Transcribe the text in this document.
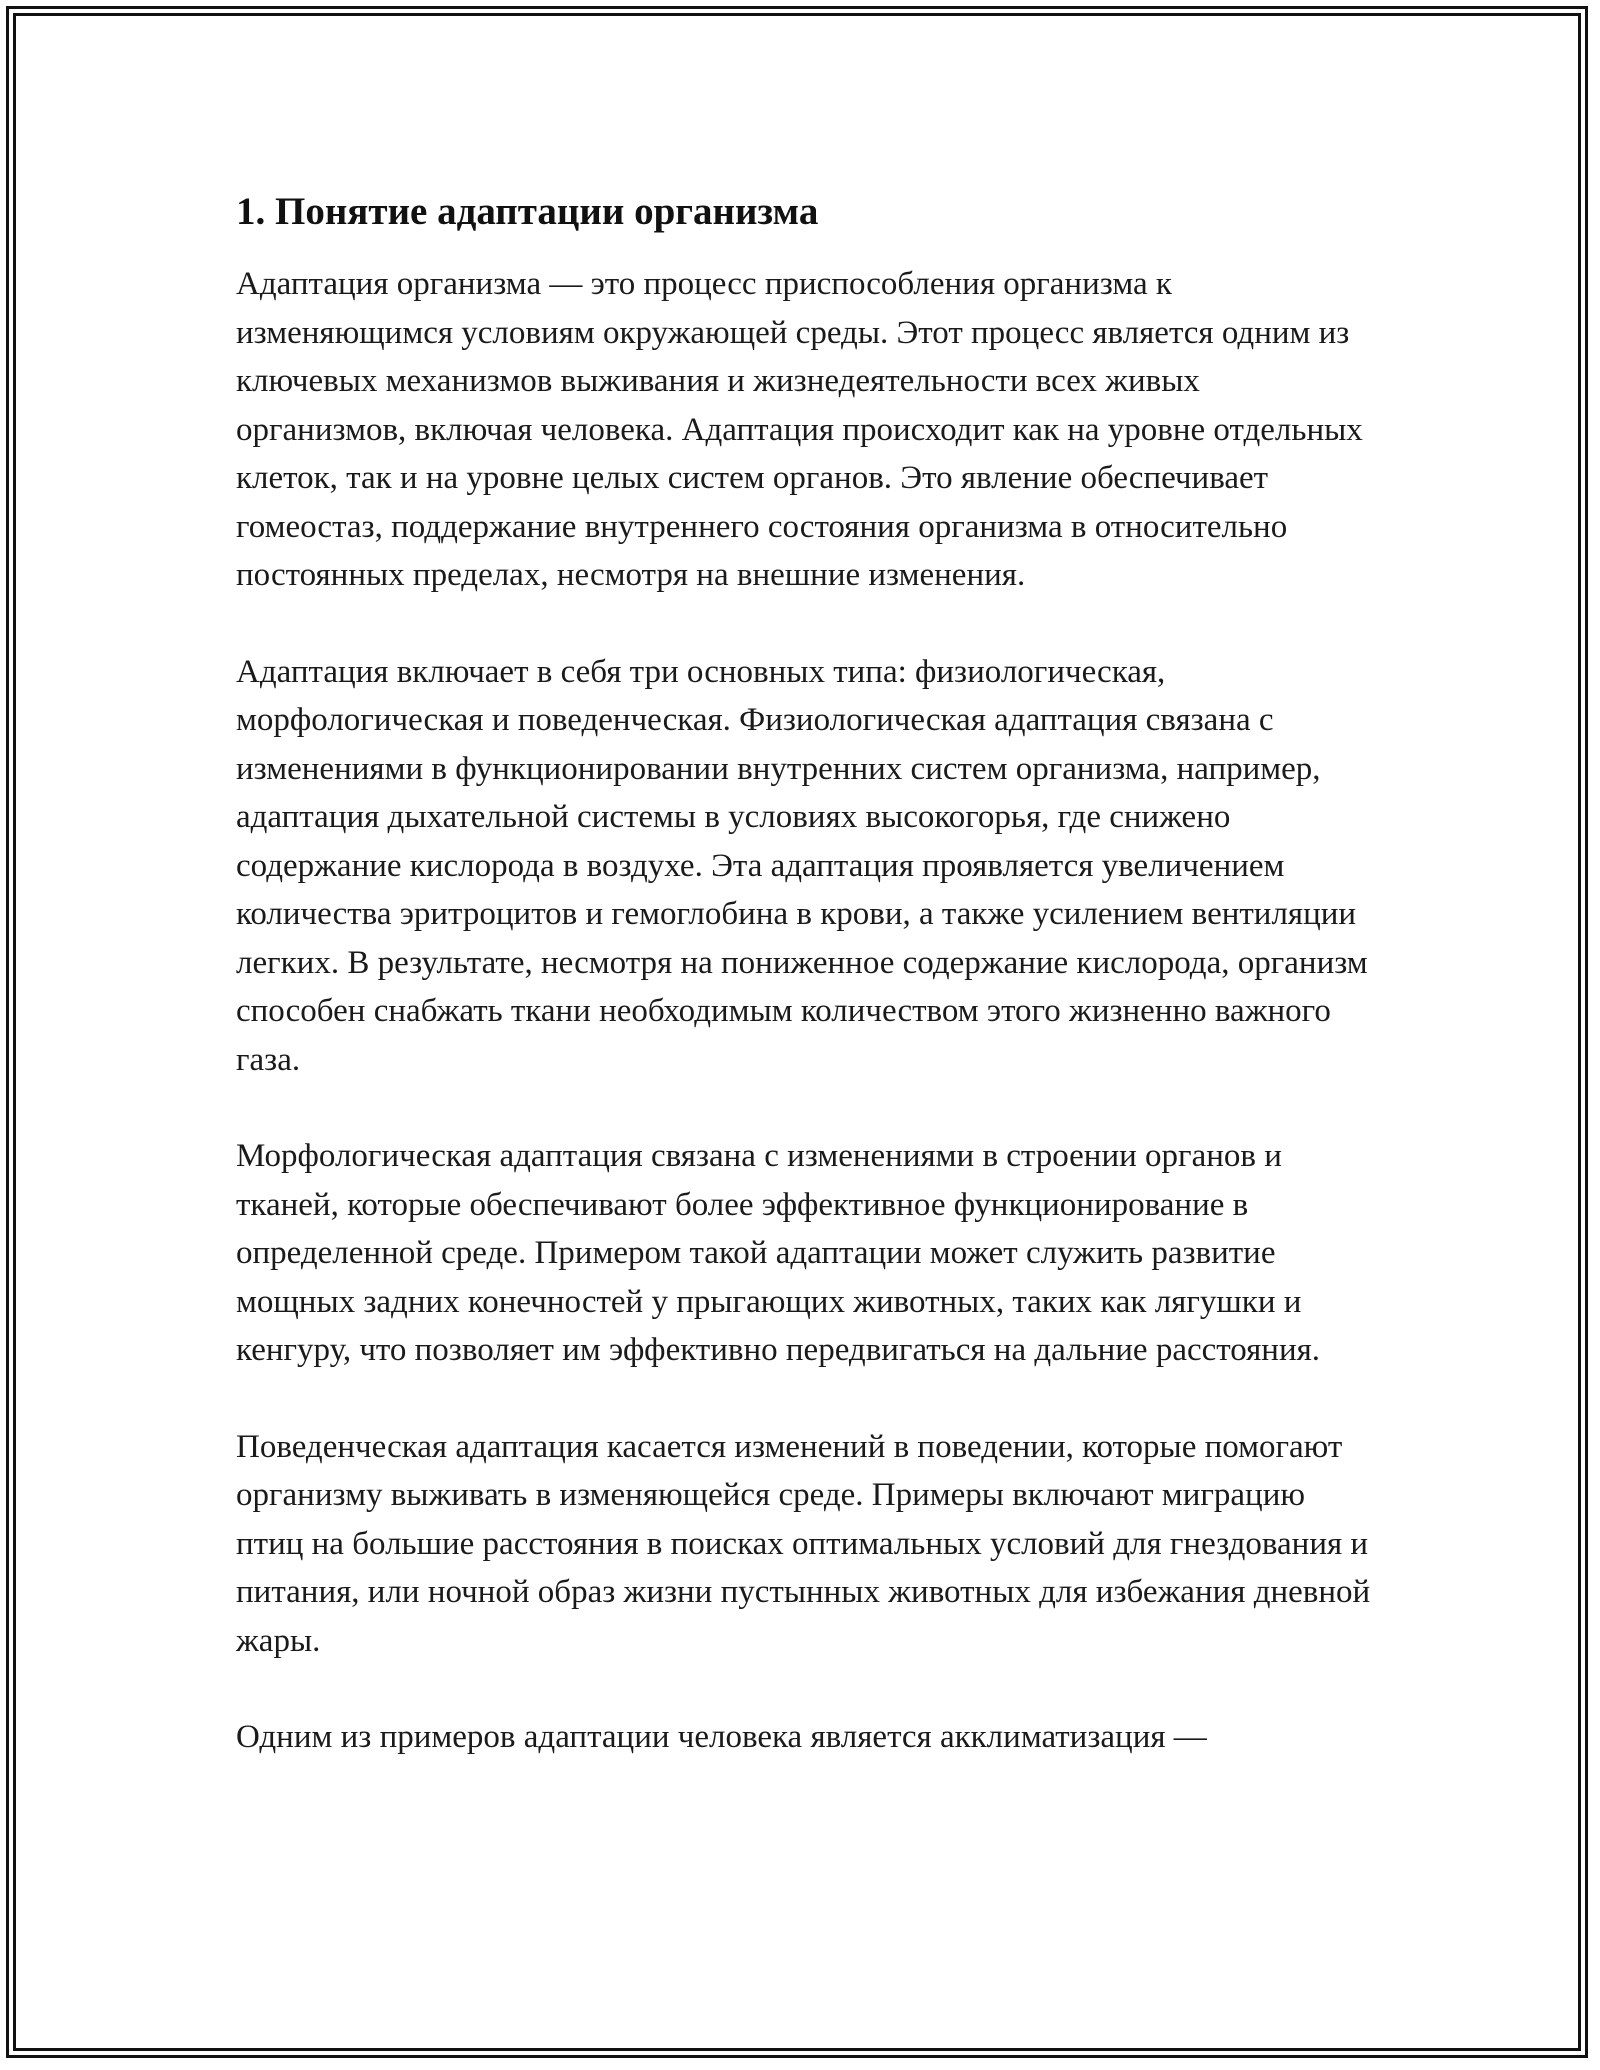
1. Понятие адаптации организма

Адаптация организма — это процесс приспособления организма к изменяющимся условиям окружающей среды. Этот процесс является одним из ключевых механизмов выживания и жизнедеятельности всех живых организмов, включая человека. Адаптация происходит как на уровне отдельных клеток, так и на уровне целых систем органов. Это явление обеспечивает гомеостаз, поддержание внутреннего состояния организма в относительно постоянных пределах, несмотря на внешние изменения.

Адаптация включает в себя три основных типа: физиологическая, морфологическая и поведенческая. Физиологическая адаптация связана с изменениями в функционировании внутренних систем организма, например, адаптация дыхательной системы в условиях высокогорья, где снижено содержание кислорода в воздухе. Эта адаптация проявляется увеличением количества эритроцитов и гемоглобина в крови, а также усилением вентиляции легких. В результате, несмотря на пониженное содержание кислорода, организм способен снабжать ткани необходимым количеством этого жизненно важного газа.

Морфологическая адаптация связана с изменениями в строении органов и тканей, которые обеспечивают более эффективное функционирование в определенной среде. Примером такой адаптации может служить развитие мощных задних конечностей у прыгающих животных, таких как лягушки и кенгуру, что позволяет им эффективно передвигаться на дальние расстояния.

Поведенческая адаптация касается изменений в поведении, которые помогают организму выживать в изменяющейся среде. Примеры включают миграцию птиц на большие расстояния в поисках оптимальных условий для гнездования и питания, или ночной образ жизни пустынных животных для избежания дневной жары.

Одним из примеров адаптации человека является акклиматизация —
